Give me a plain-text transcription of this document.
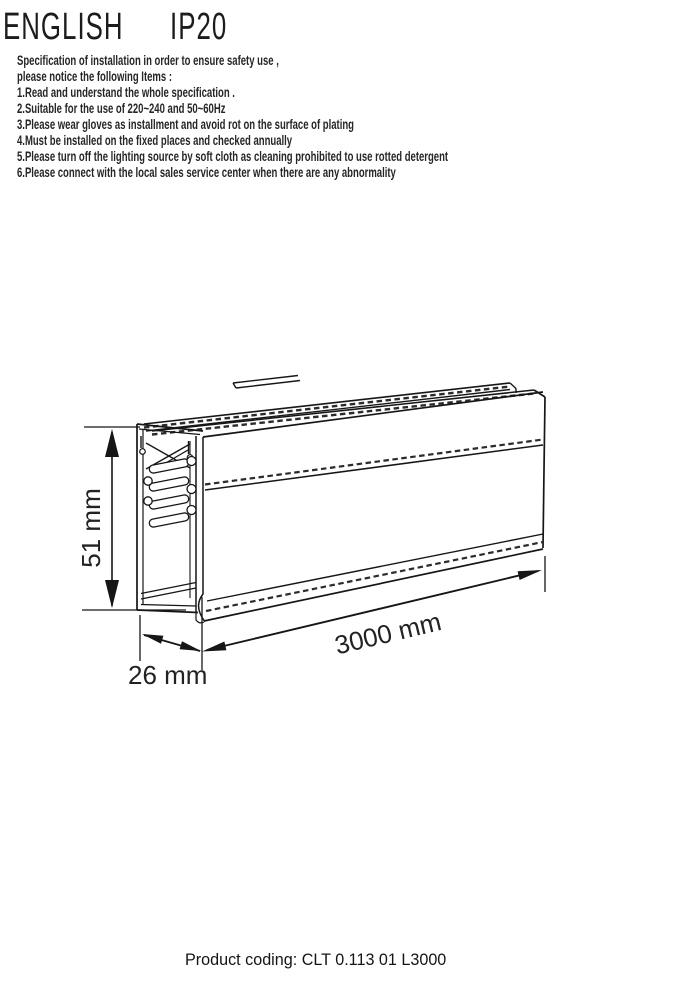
ENGLISH IP20
Specification of installation in order to ensure safety use ,
please notice the following Items :
1.Read and understand the whole specification .
2.Suitable for the use of 220~240 and 50~60Hz
3.Please wear gloves as installment and avoid rot on the surface of plating
4.Must be installed on the fixed places and checked annually
5.Please turn off the lighting source by soft cloth as cleaning prohibited to use rotted detergent
6.Please connect with the local sales service center when there are any abnormality
51 mm
26 mm
3000 mm
Product coding: CLT 0.113 01 L3000
